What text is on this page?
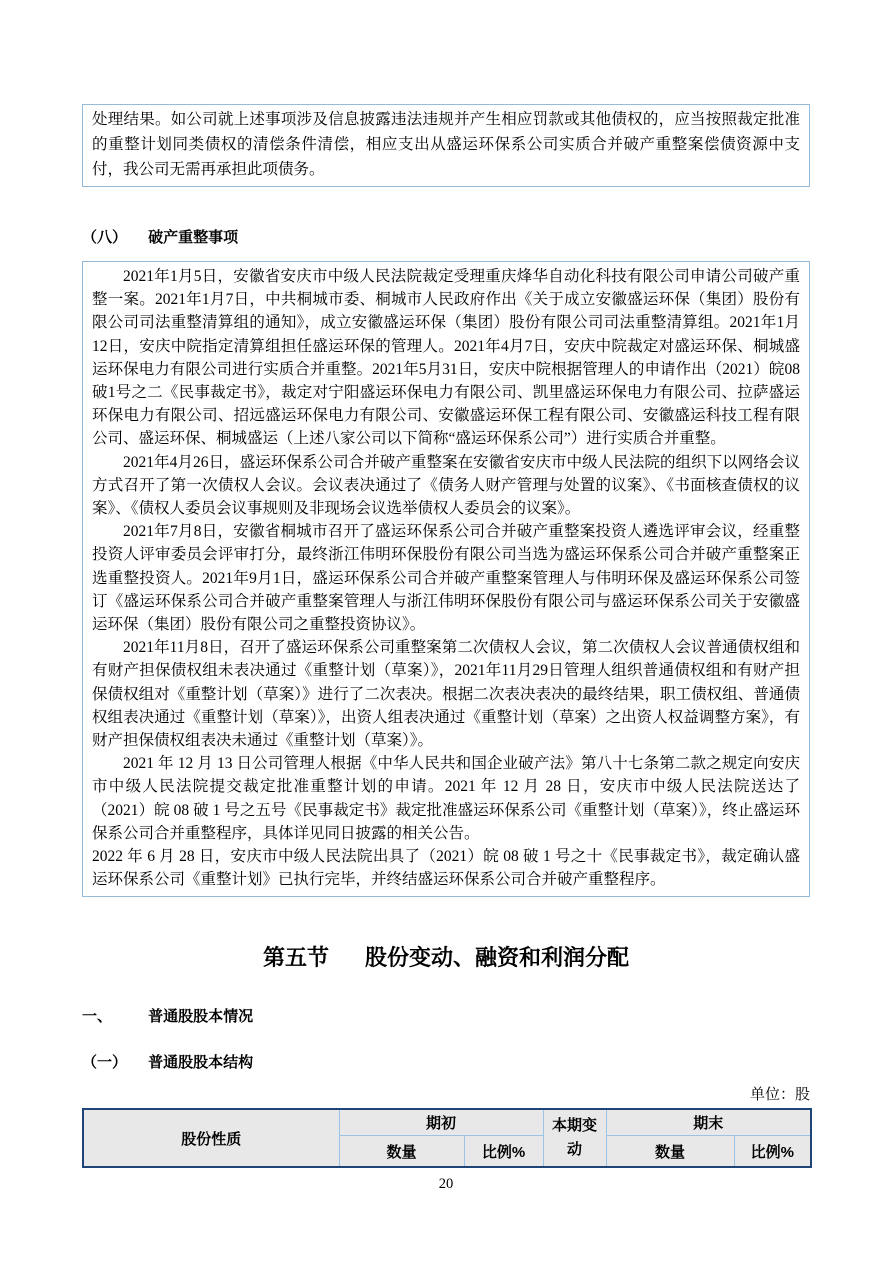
处理结果。如公司就上述事项涉及信息披露违法违规并产生相应罚款或其他债权的，应当按照裁定批准的重整计划同类债权的清偿条件清偿，相应支出从盛运环保系公司实质合并破产重整案偿债资源中支付，我公司无需再承担此项债务。

（八） 破产重整事项

2021年1月5日，安徽省安庆市中级人民法院裁定受理重庆烽华自动化科技有限公司申请公司破产重整一案。2021年1月7日，中共桐城市委、桐城市人民政府作出《关于成立安徽盛运环保（集团）股份有限公司司法重整清算组的通知》，成立安徽盛运环保（集团）股份有限公司司法重整清算组。2021年1月12日，安庆中院指定清算组担任盛运环保的管理人。2021年4月7日，安庆中院裁定对盛运环保、桐城盛运环保电力有限公司进行实质合并重整。2021年5月31日，安庆中院根据管理人的申请作出（2021）皖08破1号之二《民事裁定书》，裁定对宁阳盛运环保电力有限公司、凯里盛运环保电力有限公司、拉萨盛运环保电力有限公司、招远盛运环保电力有限公司、安徽盛运环保工程有限公司、安徽盛运科技工程有限公司、盛运环保、桐城盛运（上述八家公司以下简称“盛运环保系公司”）进行实质合并重整。

2021年4月26日，盛运环保系公司合并破产重整案在安徽省安庆市中级人民法院的组织下以网络会议方式召开了第一次债权人会议。会议表决通过了《债务人财产管理与处置的议案》、《书面核查债权的议案》、《债权人委员会议事规则及非现场会议选举债权人委员会的议案》。

2021年7月8日，安徽省桐城市召开了盛运环保系公司合并破产重整案投资人遴选评审会议，经重整投资人评审委员会评审打分，最终浙江伟明环保股份有限公司当选为盛运环保系公司合并破产重整案正选重整投资人。2021年9月1日，盛运环保系公司合并破产重整案管理人与伟明环保及盛运环保系公司签订《盛运环保系公司合并破产重整案管理人与浙江伟明环保股份有限公司与盛运环保系公司关于安徽盛运环保（集团）股份有限公司之重整投资协议》。

2021年11月8日，召开了盛运环保系公司重整案第二次债权人会议，第二次债权人会议普通债权组和有财产担保债权组未表决通过《重整计划（草案）》，2021年11月29日管理人组织普通债权组和有财产担保债权组对《重整计划（草案）》进行了二次表决。根据二次表决表决的最终结果，职工债权组、普通债权组表决通过《重整计划（草案）》，出资人组表决通过《重整计划（草案）之出资人权益调整方案》，有财产担保债权组表决未通过《重整计划（草案）》。

2021 年 12 月 13 日公司管理人根据《中华人民共和国企业破产法》第八十七条第二款之规定向安庆市中级人民法院提交裁定批准重整计划的申请。2021 年 12 月 28 日，安庆市中级人民法院送达了（2021）皖 08 破 1 号之五号《民事裁定书》裁定批准盛运环保系公司《重整计划（草案）》，终止盛运环保系公司合并重整程序，具体详见同日披露的相关公告。

2022 年 6 月 28 日，安庆市中级人民法院出具了（2021）皖 08 破 1 号之十《民事裁定书》，裁定确认盛运环保系公司《重整计划》已执行完毕，并终结盛运环保系公司合并破产重整程序。

第五节 股份变动、融资和利润分配
一、 普通股股本情况
（一） 普通股股本结构
单位：股
股份性质	期初		本期变动	期末	
	数量	比例%		数量	比例%
20
